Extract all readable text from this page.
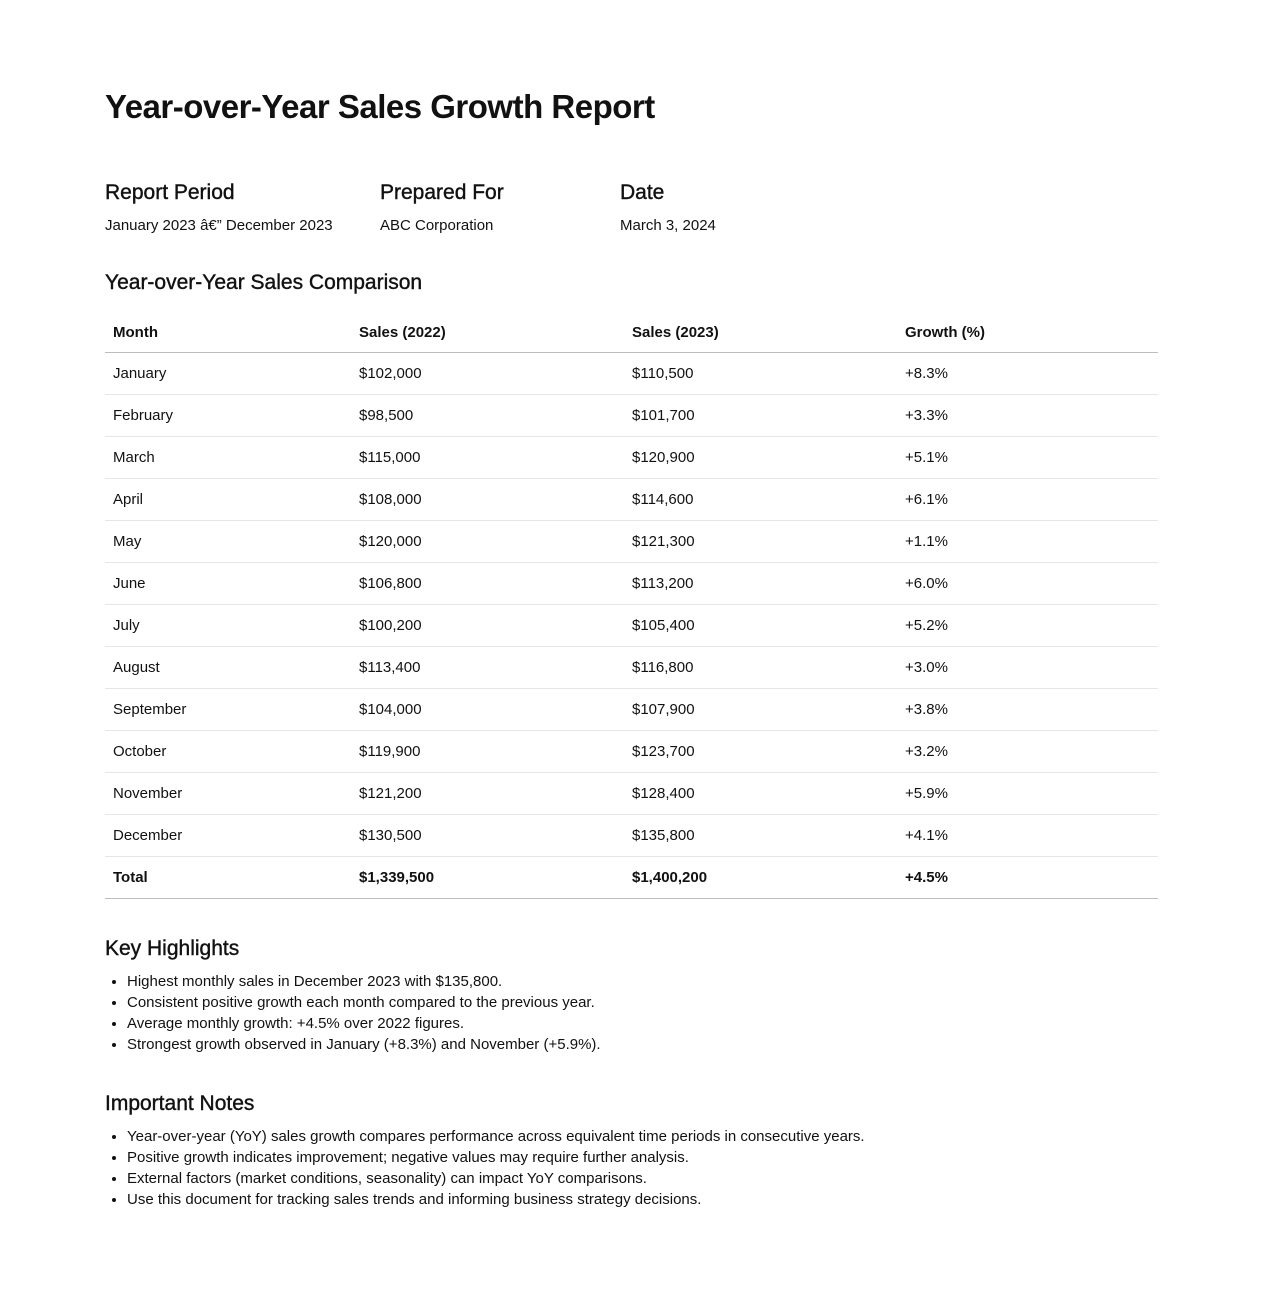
Year-over-Year Sales Growth Report
Report Period
January 2023 â€” December 2023
Prepared For
ABC Corporation
Date
March 3, 2024
Year-over-Year Sales Comparison
Month	Sales (2022)	Sales (2023)	Growth (%)
January	$102,000	$110,500	+8.3%
February	$98,500	$101,700	+3.3%
March	$115,000	$120,900	+5.1%
April	$108,000	$114,600	+6.1%
May	$120,000	$121,300	+1.1%
June	$106,800	$113,200	+6.0%
July	$100,200	$105,400	+5.2%
August	$113,400	$116,800	+3.0%
September	$104,000	$107,900	+3.8%
October	$119,900	$123,700	+3.2%
November	$121,200	$128,400	+5.9%
December	$130,500	$135,800	+4.1%
Total	$1,339,500	$1,400,200	+4.5%
Key Highlights
• Highest monthly sales in December 2023 with $135,800.
• Consistent positive growth each month compared to the previous year.
• Average monthly growth: +4.5% over 2022 figures.
• Strongest growth observed in January (+8.3%) and November (+5.9%).
Important Notes
• Year-over-year (YoY) sales growth compares performance across equivalent time periods in consecutive years.
• Positive growth indicates improvement; negative values may require further analysis.
• External factors (market conditions, seasonality) can impact YoY comparisons.
• Use this document for tracking sales trends and informing business strategy decisions.
